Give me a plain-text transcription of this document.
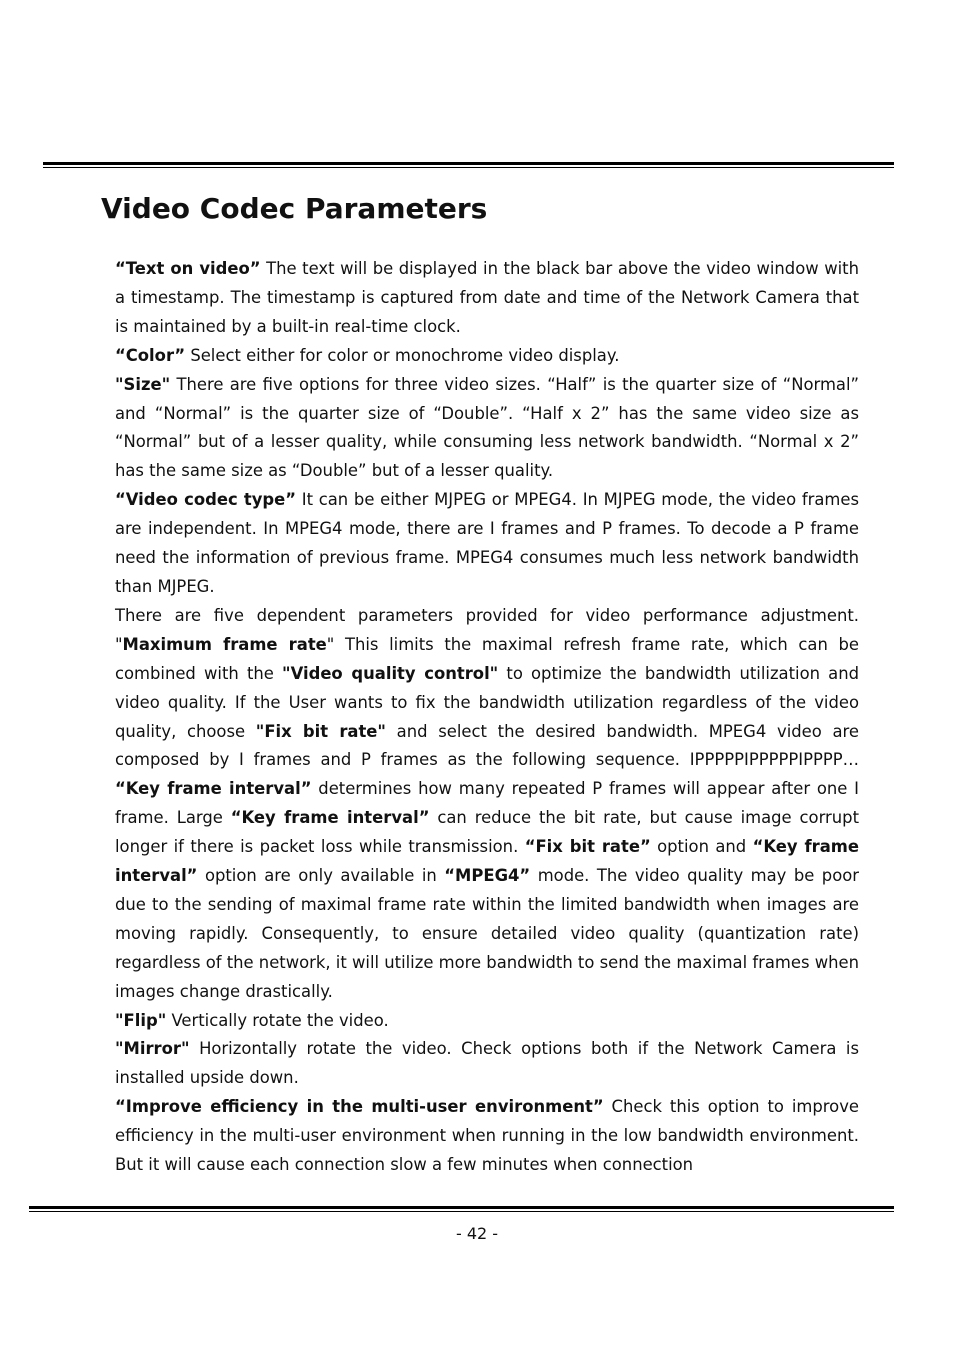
Video Codec Parameters

“Text on video” The text will be displayed in the black bar above the video window with a timestamp. The timestamp is captured from date and time of the Network Camera that is maintained by a built-in real-time clock.

“Color” Select either for color or monochrome video display.

"Size" There are five options for three video sizes. “Half” is the quarter size of “Normal” and “Normal” is the quarter size of “Double”. “Half x 2” has the same video size as “Normal” but of a lesser quality, while consuming less network bandwidth. “Normal x 2” has the same size as “Double” but of a lesser quality.

“Video codec type” It can be either MJPEG or MPEG4. In MJPEG mode, the video frames are independent. In MPEG4 mode, there are I frames and P frames. To decode a P frame need the information of previous frame. MPEG4 consumes much less network bandwidth than MJPEG.

There are five dependent parameters provided for video performance adjustment. "Maximum frame rate" This limits the maximal refresh frame rate, which can be combined with the "Video quality control" to optimize the bandwidth utilization and video quality. If the User wants to fix the bandwidth utilization regardless of the video quality, choose "Fix bit rate" and select the desired bandwidth. MPEG4 video are composed by I frames and P frames as the following sequence. IPPPPPIPPPPPIPPPP… “Key frame interval” determines how many repeated P frames will appear after one I frame. Large “Key frame interval” can reduce the bit rate, but cause image corrupt longer if there is packet loss while transmission. “Fix bit rate” option and “Key frame interval” option are only available in “MPEG4” mode. The video quality may be poor due to the sending of maximal frame rate within the limited bandwidth when images are moving rapidly. Consequently, to ensure detailed video quality (quantization rate) regardless of the network, it will utilize more bandwidth to send the maximal frames when images change drastically.

"Flip" Vertically rotate the video.

"Mirror" Horizontally rotate the video. Check options both if the Network Camera is installed upside down.

“Improve efficiency in the multi-user environment” Check this option to improve efficiency in the multi-user environment when running in the low bandwidth environment. But it will cause each connection slow a few minutes when connection

- 42 -
